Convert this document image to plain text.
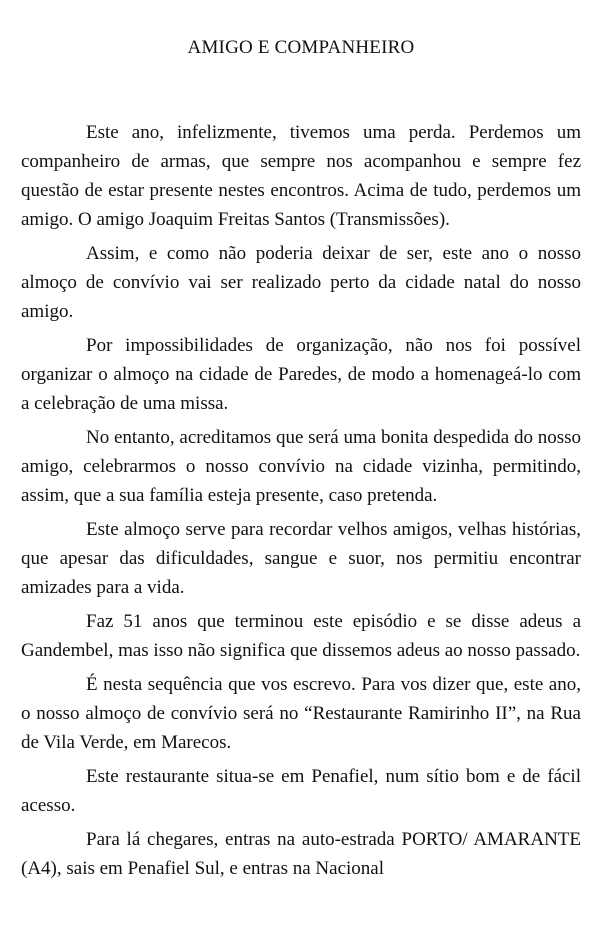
AMIGO E COMPANHEIRO

Este ano, infelizmente, tivemos uma perda. Perdemos um companheiro de armas, que sempre nos acompanhou e sempre fez questão de estar presente nestes encontros. Acima de tudo, perdemos um amigo. O amigo Joaquim Freitas Santos (Transmissões).

Assim, e como não poderia deixar de ser, este ano o nosso almoço de convívio vai ser realizado perto da cidade natal do nosso amigo.

Por impossibilidades de organização, não nos foi possível organizar o almoço na cidade de Paredes, de modo a homenageá-lo com a celebração de uma missa.

No entanto, acreditamos que será uma bonita despedida do nosso amigo, celebrarmos o nosso convívio na cidade vizinha, permitindo, assim, que a sua família esteja presente, caso pretenda.

Este almoço serve para recordar velhos amigos, velhas histórias, que apesar das dificuldades, sangue e suor, nos permitiu encontrar amizades para a vida.

Faz 51 anos que terminou este episódio e se disse adeus a Gandembel, mas isso não significa que dissemos adeus ao nosso passado.

É nesta sequência que vos escrevo. Para vos dizer que, este ano, o nosso almoço de convívio será no “Restaurante Ramirinho II”, na Rua de Vila Verde, em Marecos.

Este restaurante situa-se em Penafiel, num sítio bom e de fácil acesso.

Para lá chegares, entras na auto-estrada PORTO/ AMARANTE (A4), sais em Penafiel Sul, e entras na Nacional
